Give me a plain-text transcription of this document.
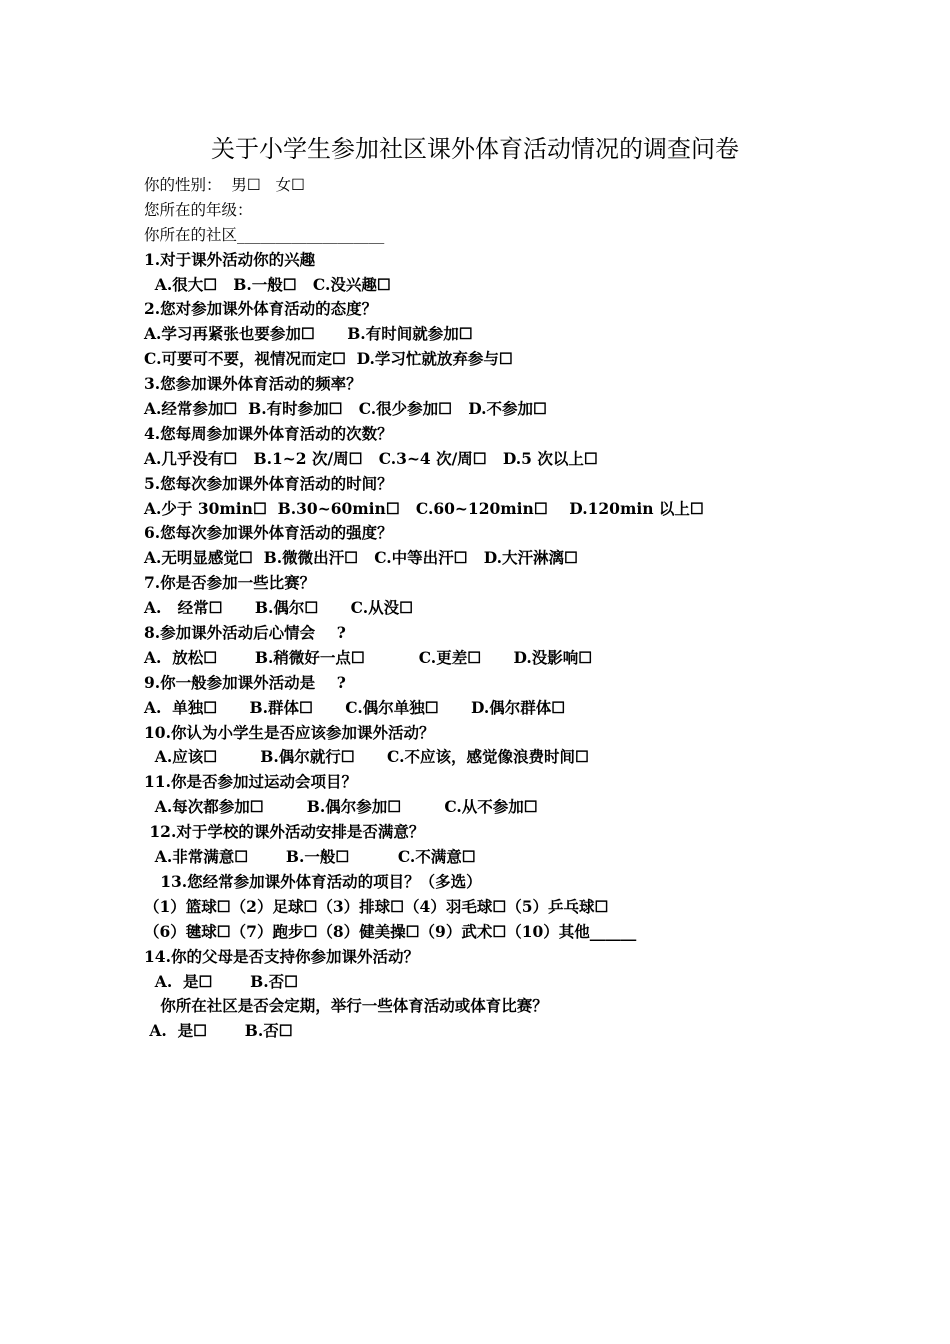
关于小学生参加社区课外体育活动情况的调查问卷
你的性别：  男☐   女☐
您所在的年级：
你所在的社区___________________
1.对于课外活动你的兴趣
A.很大☐   B.一般☐   C.没兴趣☐
2.您对参加课外体育活动的态度？
A.学习再紧张也要参加☐      B.有时间就参加☐
C.可要可不要，视情况而定☐  D.学习忙就放弃参与☐
3.您参加课外体育活动的频率？
A.经常参加☐  B.有时参加☐   C.很少参加☐   D.不参加☐
4.您每周参加课外体育活动的次数？
A.几乎没有☐   B.1~2 次/周☐   C.3~4 次/周☐   D.5 次以上☐
5.您每次参加课外体育活动的时间？
A.少于 30min☐  B.30~60min☐   C.60~120min☐    D.120min 以上☐
6.您每次参加课外体育活动的强度？
A.无明显感觉☐  B.微微出汗☐   C.中等出汗☐   D.大汗淋漓☐
7.你是否参加一些比赛？
A.   经常☐      B.偶尔☐      C.从没☐
8.参加课外活动后心情会    ?
A.  放松☐       B.稍微好一点☐          C.更差☐      D.没影响☐
9.你一般参加课外活动是    ?
A.  单独☐      B.群体☐      C.偶尔单独☐      D.偶尔群体☐
10.你认为小学生是否应该参加课外活动？
A.应该☐        B.偶尔就行☐      C.不应该，感觉像浪费时间☐
11.你是否参加过运动会项目？
A.每次都参加☐        B.偶尔参加☐        C.从不参加☐
12.对于学校的课外活动安排是否满意？
A.非常满意☐       B.一般☐         C.不满意☐
13.您经常参加课外体育活动的项目？（多选）
（1）篮球☐（2）足球☐（3）排球☐（4）羽毛球☐（5）乒乓球☐
（6）毽球☐（7）跑步☐（8）健美操☐（9）武术☐（10）其他______
14.你的父母是否支持你参加课外活动？
A.  是☐       B.否☐
你所在社区是否会定期，举行一些体育活动或体育比赛？
A.  是☐       B.否☐
